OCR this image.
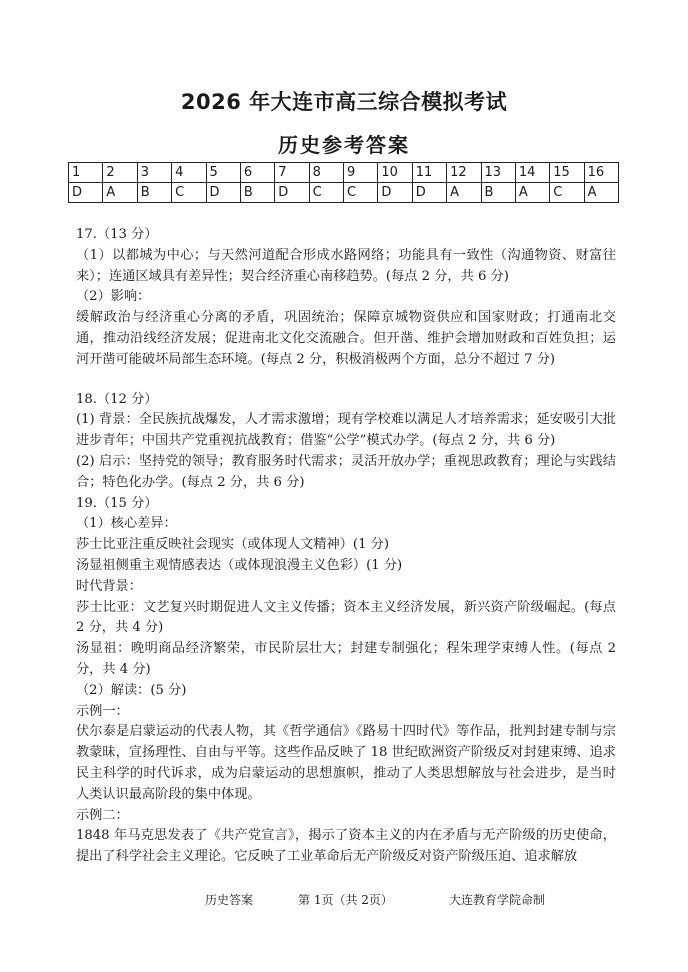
2026 年大连市高三综合模拟考试
历史参考答案
1	2	3	4	5	6	7	8	9	10	11	12	13	14	15	16
D	A	B	C	D	B	D	C	C	D	D	A	B	A	C	A

17.（13 分）

（1）以都城为中心；与天然河道配合形成水路网络；功能具有一致性（沟通物资、财富往来）；连通区域具有差异性；契合经济重心南移趋势。(每点 2 分，共 6 分)

（2）影响：

缓解政治与经济重心分离的矛盾，巩固统治；保障京城物资供应和国家财政；打通南北交通，推动沿线经济发展；促进南北文化交流融合。但开凿、维护会增加财政和百姓负担；运河开凿可能破坏局部生态环境。(每点 2 分，积极消极两个方面，总分不超过 7 分)

18.（12 分）

(1) 背景：全民族抗战爆发，人才需求激增；现有学校难以满足人才培养需求；延安吸引大批进步青年；中国共产党重视抗战教育；借鉴“公学”模式办学。(每点 2 分，共 6 分)

(2) 启示：坚持党的领导；教育服务时代需求；灵活开放办学；重视思政教育；理论与实践结合；特色化办学。(每点 2 分，共 6 分)

19.（15 分）

（1）核心差异：

莎士比亚注重反映社会现实（或体现人文精神）(1 分)

汤显祖侧重主观情感表达（或体现浪漫主义色彩）(1 分)

时代背景：

莎士比亚：文艺复兴时期促进人文主义传播；资本主义经济发展，新兴资产阶级崛起。(每点 2 分，共 4 分)

汤显祖：晚明商品经济繁荣，市民阶层壮大；封建专制强化；程朱理学束缚人性。(每点 2 分，共 4 分)

（2）解读：(5 分)

示例一：

伏尔泰是启蒙运动的代表人物，其《哲学通信》《路易十四时代》等作品，批判封建专制与宗教蒙昧，宣扬理性、自由与平等。这些作品反映了 18 世纪欧洲资产阶级反对封建束缚、追求民主科学的时代诉求，成为启蒙运动的思想旗帜，推动了人类思想解放与社会进步，是当时人类认识最高阶段的集中体现。

示例二：

1848 年马克思发表了《共产党宣言》，揭示了资本主义的内在矛盾与无产阶级的历史使命，提出了科学社会主义理论。它反映了工业革命后无产阶级反对资产阶级压迫、追求解放

历史答案	第 1页（共 2页）	大连教育学院命制
